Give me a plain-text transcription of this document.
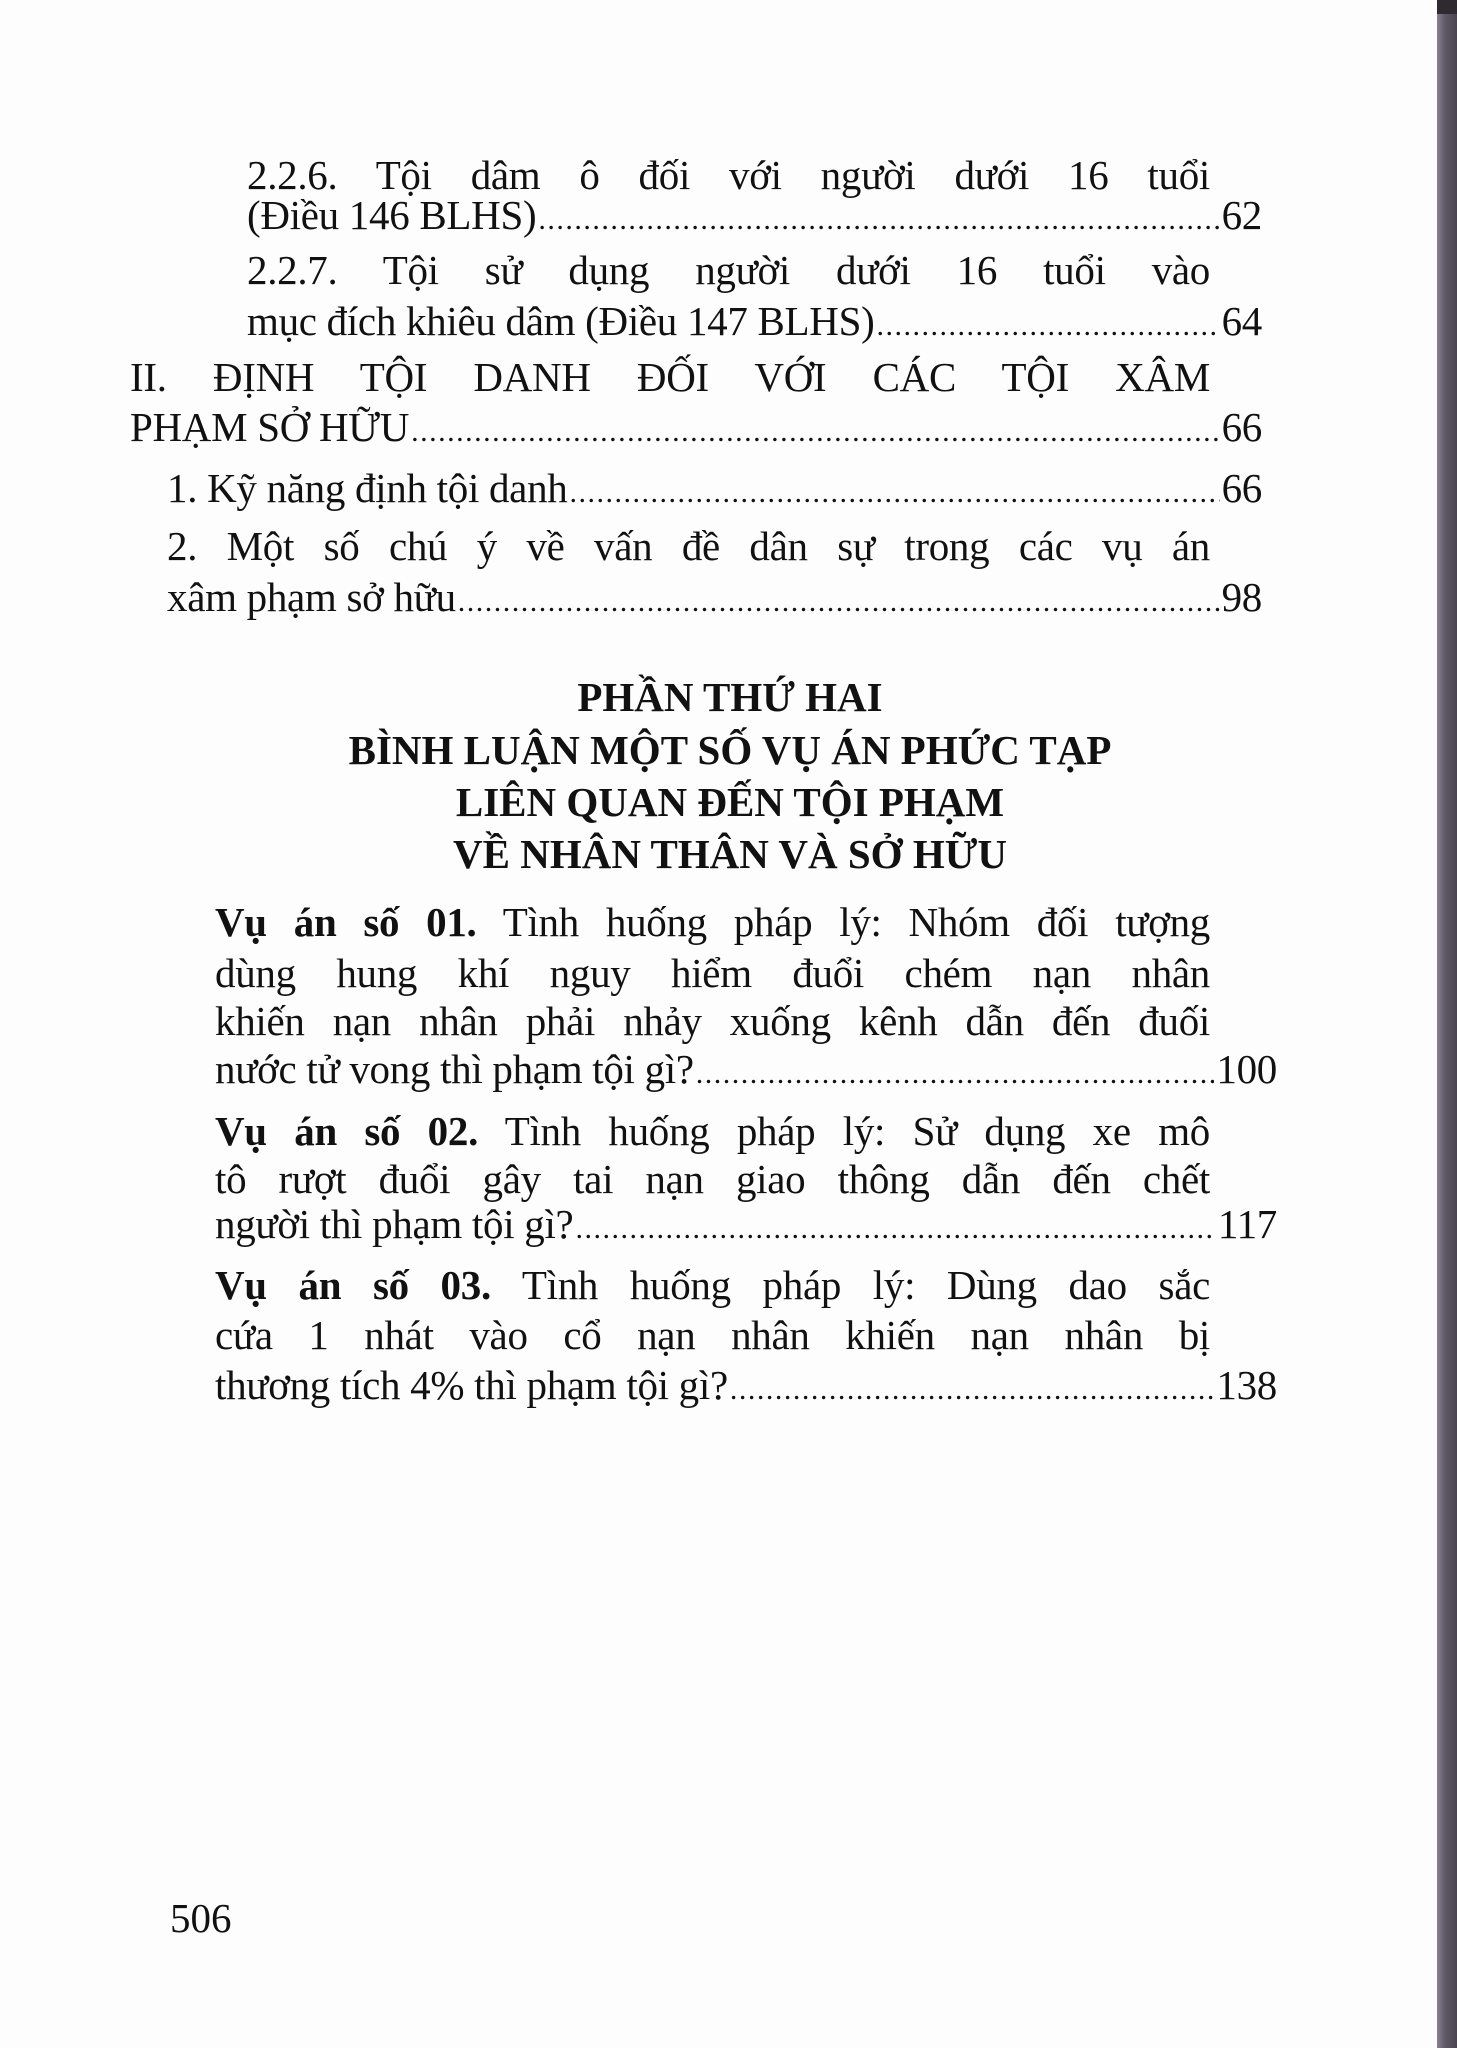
2.2.6. Tội dâm ô đối với người dưới 16 tuổi
(Điều 146 BLHS) .....	62
2.2.7. Tội sử dụng người dưới 16 tuổi vào
mục đích khiêu dâm (Điều 147 BLHS) .....	64
II. ĐỊNH TỘI DANH ĐỐI VỚI CÁC TỘI XÂM
PHẠM SỞ HỮU .....	66
1. Kỹ năng định tội danh .....	66
2. Một số chú ý về vấn đề dân sự trong các vụ án
xâm phạm sở hữu .....	98
PHẦN THỨ HAI
BÌNH LUẬN MỘT SỐ VỤ ÁN PHỨC TẠP
LIÊN QUAN ĐẾN TỘI PHẠM
VỀ NHÂN THÂN VÀ SỞ HỮU
Vụ án số 01. Tình huống pháp lý: Nhóm đối tượng
dùng hung khí nguy hiểm đuổi chém nạn nhân
khiến nạn nhân phải nhảy xuống kênh dẫn đến đuối
nước tử vong thì phạm tội gì? .....	100
Vụ án số 02. Tình huống pháp lý: Sử dụng xe mô
tô rượt đuổi gây tai nạn giao thông dẫn đến chết
người thì phạm tội gì? .....	117
Vụ án số 03. Tình huống pháp lý: Dùng dao sắc
cứa 1 nhát vào cổ nạn nhân khiến nạn nhân bị
thương tích 4% thì phạm tội gì? .....	138
506
